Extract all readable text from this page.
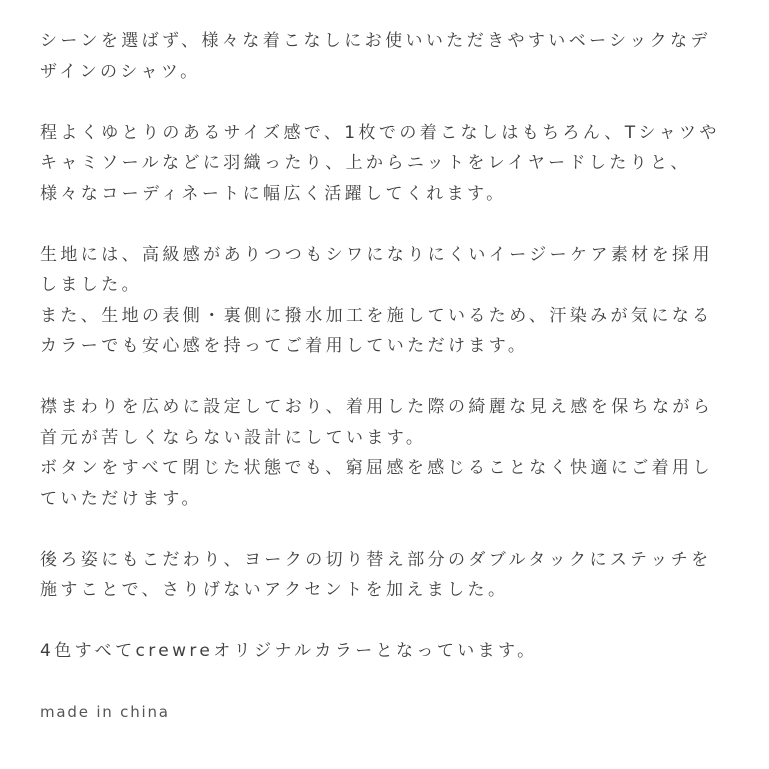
シーンを選ばず、様々な着こなしにお使いいただきやすいベーシックなデ
ザインのシャツ。

程よくゆとりのあるサイズ感で、1枚での着こなしはもちろん、Tシャツや
キャミソールなどに羽織ったり、上からニットをレイヤードしたりと、
様々なコーディネートに幅広く活躍してくれます。

生地には、高級感がありつつもシワになりにくいイージーケア素材を採用
しました。
また、生地の表側・裏側に撥水加工を施しているため、汗染みが気になる
カラーでも安心感を持ってご着用していただけます。

襟まわりを広めに設定しており、着用した際の綺麗な見え感を保ちながら
首元が苦しくならない設計にしています。
ボタンをすべて閉じた状態でも、窮屈感を感じることなく快適にご着用し
ていただけます。

後ろ姿にもこだわり、ヨークの切り替え部分のダブルタックにステッチを
施すことで、さりげないアクセントを加えました。

4色すべてcrewreオリジナルカラーとなっています。

made in china
